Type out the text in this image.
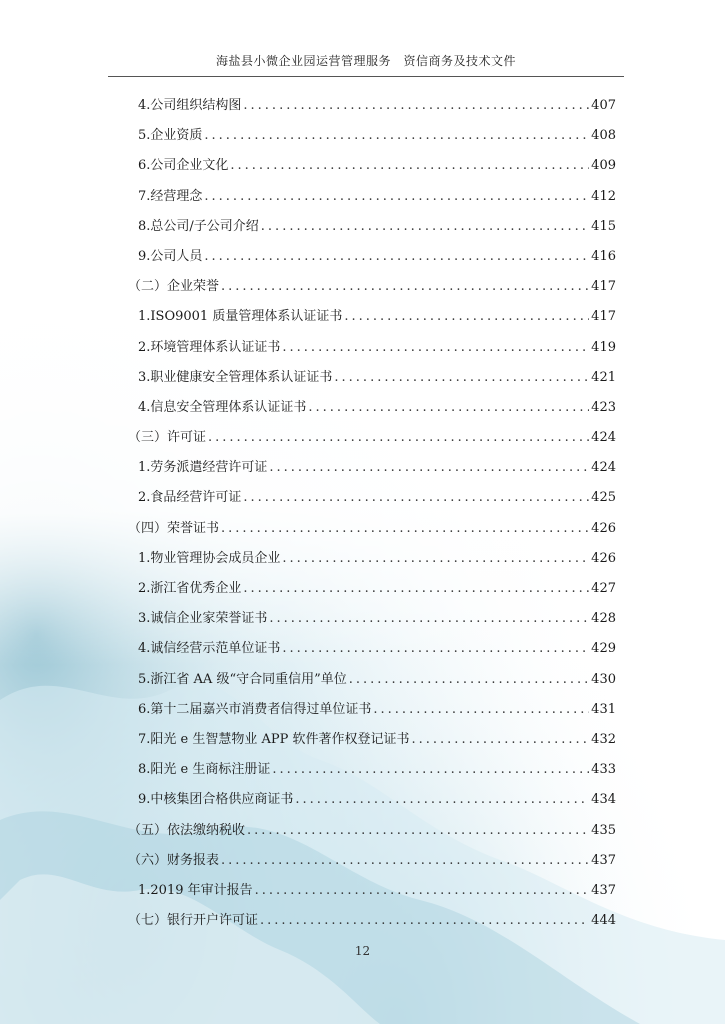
海盐县小微企业园运营管理服务　资信商务及技术文件
4.公司组织结构图 .....	407
5.企业资质 .....	408
6.公司企业文化 .....	409
7.经营理念 .....	412
8.总公司/子公司介绍 .....	415
9.公司人员 .....	416
（二）企业荣誉 .....	417
1.ISO9001 质量管理体系认证证书 .....	417
2.环境管理体系认证证书 .....	419
3.职业健康安全管理体系认证证书 .....	421
4.信息安全管理体系认证证书 .....	423
（三）许可证 .....	424
1.劳务派遣经营许可证 .....	424
2.食品经营许可证 .....	425
（四）荣誉证书 .....	426
1.物业管理协会成员企业 .....	426
2.浙江省优秀企业 .....	427
3.诚信企业家荣誉证书 .....	428
4.诚信经营示范单位证书 .....	429
5.浙江省 AA 级“守合同重信用”单位 .....	430
6.第十二届嘉兴市消费者信得过单位证书 .....	431
7.阳光 e 生智慧物业 APP 软件著作权登记证书 .....	432
8.阳光 e 生商标注册证 .....	433
9.中核集团合格供应商证书 .....	434
（五）依法缴纳税收 .....	435
（六）财务报表 .....	437
1.2019 年审计报告 .....	437
（七）银行开户许可证 .....	444
12
